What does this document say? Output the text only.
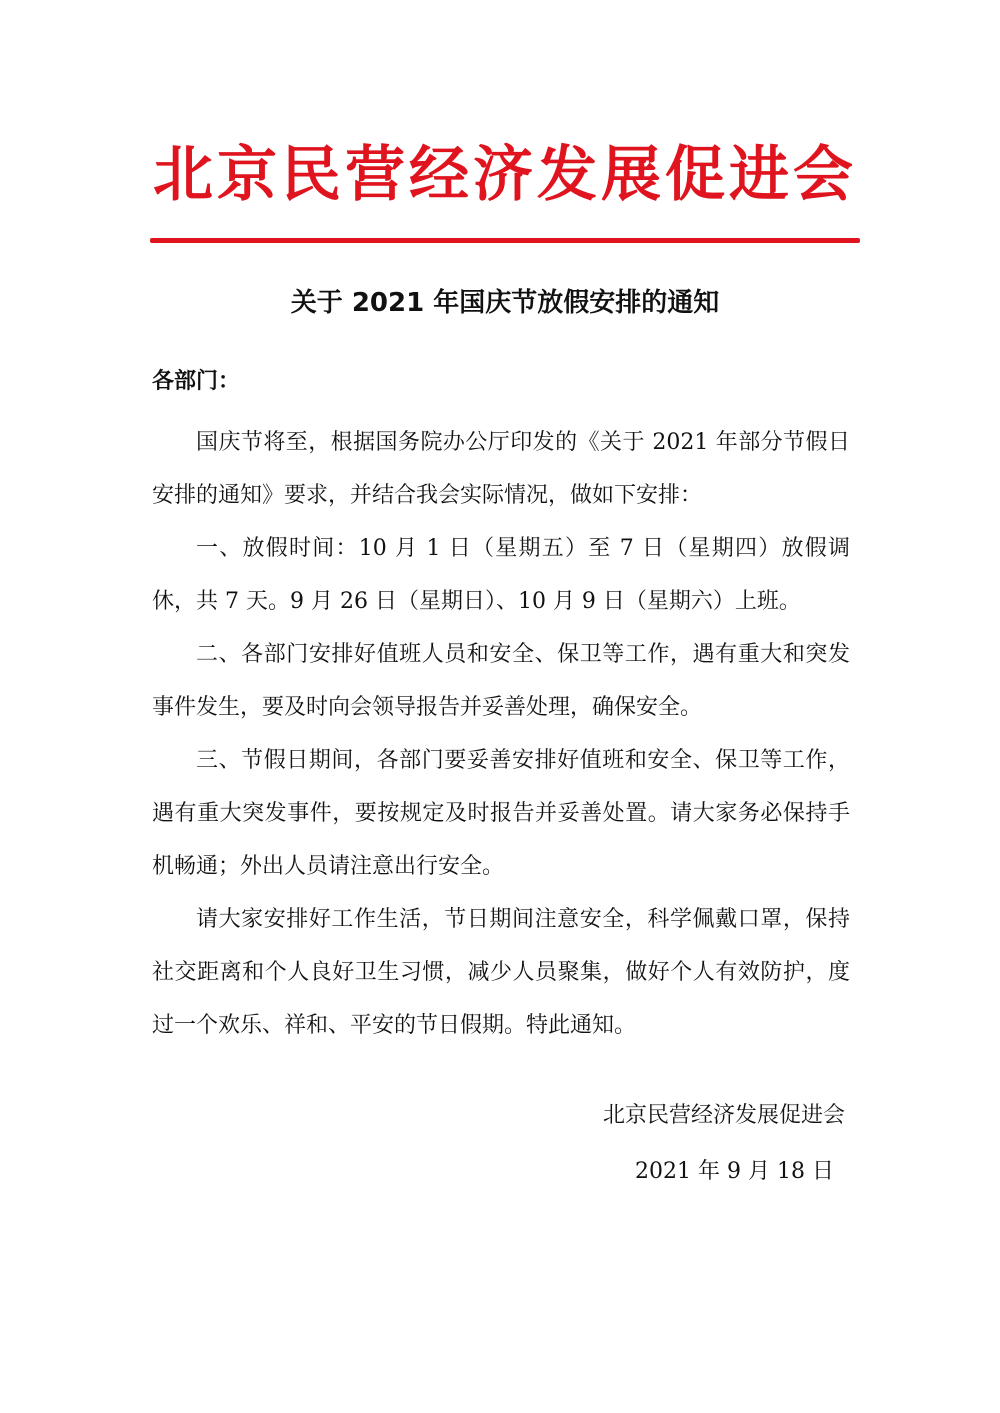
北京民营经济发展促进会
关于 2021 年国庆节放假安排的通知
各部门：

国庆节将至，根据国务院办公厅印发的《关于 2021 年部分节假日安排的通知》要求，并结合我会实际情况，做如下安排：

一、放假时间：10 月 1 日（星期五）至 7 日（星期四）放假调休，共 7 天。9 月 26 日（星期日）、10 月 9 日（星期六）上班。

二、各部门安排好值班人员和安全、保卫等工作，遇有重大和突发事件发生，要及时向会领导报告并妥善处理，确保安全。

三、节假日期间，各部门要妥善安排好值班和安全、保卫等工作，遇有重大突发事件，要按规定及时报告并妥善处置。请大家务必保持手机畅通；外出人员请注意出行安全。

请大家安排好工作生活，节日期间注意安全，科学佩戴口罩，保持社交距离和个人良好卫生习惯，减少人员聚集，做好个人有效防护，度过一个欢乐、祥和、平安的节日假期。特此通知。

北京民营经济发展促进会
2021 年 9 月 18 日
